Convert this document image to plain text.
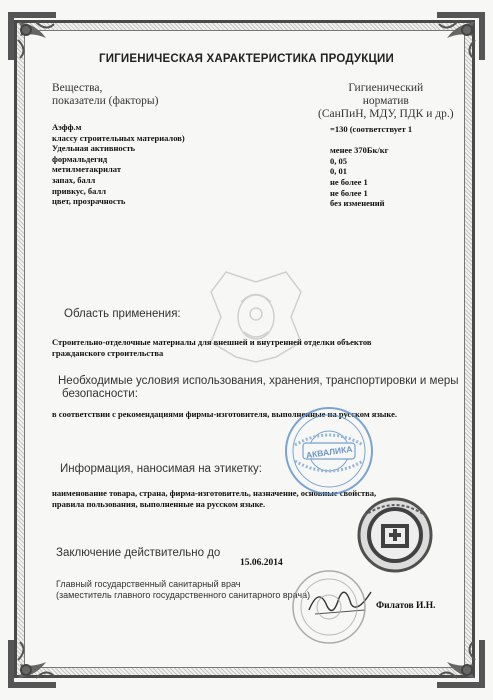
ГИГИЕНИЧЕСКАЯ ХАРАКТЕРИСТИКА ПРОДУКЦИИ
Вещества,
показатели (факторы)
Гигиенический
норматив
(СанПиН, МДУ, ПДК и др.)
Аэфф.м
классу строительных материалов)
Удельная активность
формальдегид
метилметакрилат
запах, балл
привкус, балл
цвет, прозрачность
=130 (соответствует 1
менее 370Бк/кг
0, 05
0, 01
не более 1
не более 1
без изменений
Область применения:
Строительно-отделочные материалы для внешней и внутренней отделки объектов
гражданского строительства
Необходимые условия использования, хранения, транспортировки и меры
безопасности:
в соответствии с рекомендациями фирмы-изготовителя, выполненные на русском языке.
Информация, наносимая на этикетку:
наименование товара, страна, фирма-изготовитель, назначение, основные свойства,
правила пользования, выполненные на русском языке.
Заключение действительно до
15.06.2014
Главный государственный санитарный врач
(заместитель главного государственного санитарного врача)
Филатов И.Н.
АКВАЛИКА
